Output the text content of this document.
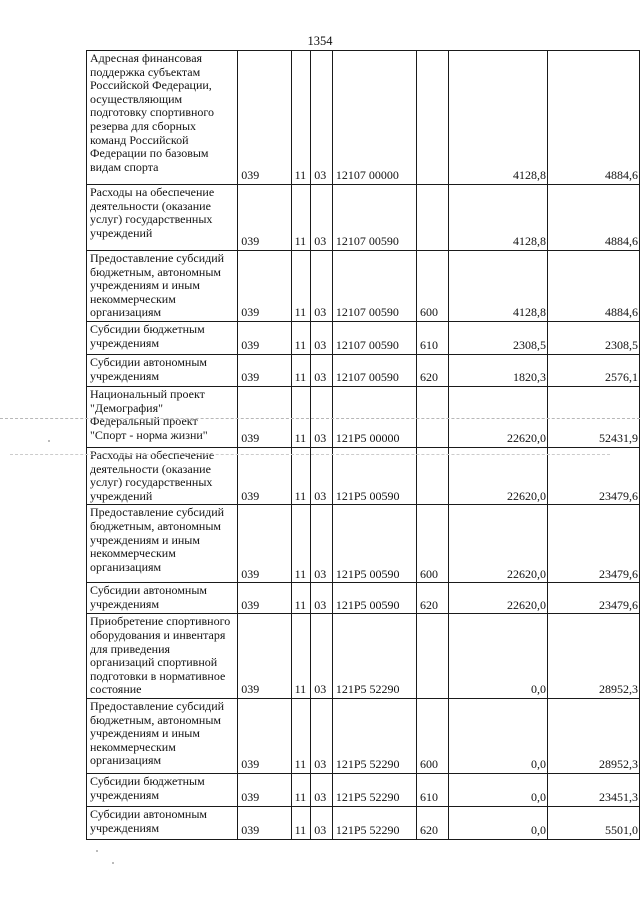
1354
Адресная финансовая поддержка субъектам Российской Федерации, осуществляющим подготовку спортивного резерва для сборных команд Российской Федерации по базовым видам спорта	039	11	03	12107 00000		4128,8	4884,6
Расходы на обеспечение деятельности (оказание услуг) государственных учреждений	039	11	03	12107 00590		4128,8	4884,6
Предоставление субсидий бюджетным, автономным учреждениям и иным некоммерческим организациям	039	11	03	12107 00590	600	4128,8	4884,6
Субсидии бюджетным учреждениям	039	11	03	12107 00590	610	2308,5	2308,5
Субсидии автономным учреждениям	039	11	03	12107 00590	620	1820,3	2576,1
Национальный проект "Демография" Федеральный проект "Спорт - норма жизни"	039	11	03	121P5 00000		22620,0	52431,9
Расходы на обеспечение деятельности (оказание услуг) государственных учреждений	039	11	03	121P5 00590		22620,0	23479,6
Предоставление субсидий бюджетным, автономным учреждениям и иным некоммерческим организациям	039	11	03	121P5 00590	600	22620,0	23479,6
Субсидии автономным учреждениям	039	11	03	121P5 00590	620	22620,0	23479,6
Приобретение спортивного оборудования и инвентаря для приведения организаций спортивной подготовки в нормативное состояние	039	11	03	121P5 52290		0,0	28952,3
Предоставление субсидий бюджетным, автономным учреждениям и иным некоммерческим организациям	039	11	03	121P5 52290	600	0,0	28952,3
Субсидии бюджетным учреждениям	039	11	03	121P5 52290	610	0,0	23451,3
Субсидии автономным учреждениям	039	11	03	121P5 52290	620	0,0	5501,0
